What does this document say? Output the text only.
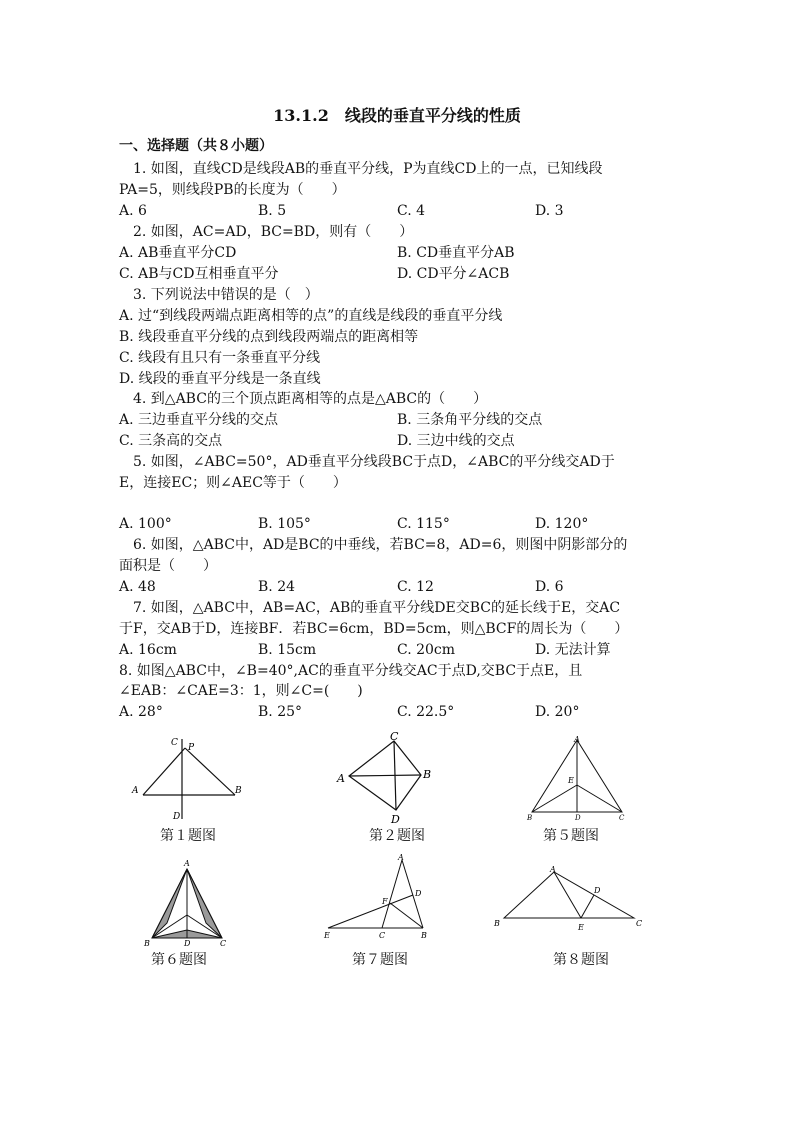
13.1.2　线段的垂直平分线的性质
一、选择题（共８小题）
　1. 如图，直线CD是线段AB的垂直平分线，P为直线CD上的一点，已知线段
PA=5，则线段PB的长度为（　　）
A. 6	B. 5	C. 4	D. 3
　2. 如图，AC=AD，BC=BD，则有（　　）
A. AB垂直平分CD	B. CD垂直平分AB
C. AB与CD互相垂直平分	D. CD平分∠ACB
　3. 下列说法中错误的是（　）
A. 过“到线段两端点距离相等的点”的直线是线段的垂直平分线
B. 线段垂直平分线的点到线段两端点的距离相等
C. 线段有且只有一条垂直平分线
D. 线段的垂直平分线是一条直线
　4. 到△ABC的三个顶点距离相等的点是△ABC的（　　）
A. 三边垂直平分线的交点	B. 三条角平分线的交点
C. 三条高的交点	D. 三边中线的交点
　5. 如图，∠ABC=50°，AD垂直平分线段BC于点D，∠ABC的平分线交AD于
E，连接EC；则∠AEC等于（　　）
A. 100°	B. 105°	C. 115°	D. 120°
　6. 如图，△ABC中，AD是BC的中垂线，若BC=8，AD=6，则图中阴影部分的
面积是（　　）
A. 48	B. 24	C. 12	D. 6
　7. 如图，△ABC中，AB=AC，AB的垂直平分线DE交BC的延长线于E，交AC
于F，交AB于D，连接BF．若BC=6cm，BD=5cm，则△BCF的周长为（　　）
A. 16cm	B. 15cm	C. 20cm	D. 无法计算
8. 如图△ABC中，∠B=40°,AC的垂直平分线交AC于点D,交BC于点E，且
∠EAB：∠CAE=3：1，则∠C=(　　)
A. 28°	B. 25°	C. 22.5°	D. 20°
C P
A	B
D
第１题图
C
A	B
D
第２题图
A
E
B	D	C
第５题图
A
B	D	C
第６题图
A
D
F
E	C	B
第７题图
A
D
B	E	C
第８题图
